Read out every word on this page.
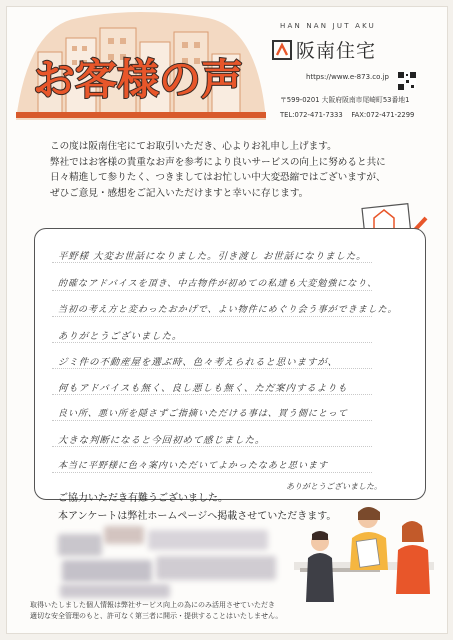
お客様の声
HAN NAN JUT AKU
阪南住宅
https://www.e-873.co.jp
〒599-0201 大阪府阪南市尾崎町53番地1
TEL:072-471-7333 FAX:072-471-2299

この度は阪南住宅にてお取引いただき、心よりお礼申し上げます。

弊社ではお客様の貴重なお声を参考により良いサービスの向上に努めると共に

日々精進して参りたく、つきましてはお忙しい中大変恐縮ではございますが、

ぜひご意見・感想をご記入いただけますと幸いに存じます。

平野様 大変お世話になりました。引き渡し お世話になりました。
的確なアドバイスを頂き、中古物件が初めての私達も大変勉強になり、
当初の考え方と変わったおかげで、よい物件にめぐり会う事ができました。
ありがとうございました。
ジミ件の不動産屋を選ぶ時、色々考えられると思いますが、
何もアドバイスも無く、良し悪しも無く、ただ案内するよりも
良い所、悪い所を隠さずご指摘いただける事は、買う側にとって
大きな判断になると今回初めて感じました。
本当に平野様に色々案内いただいてよかったなあと思います
ありがとうございました。
ご協力いただき有難うございました。
本アンケートは弊社ホームページへ掲載させていただきます。
取得いたしました個人情報は弊社サービス向上の為にのみ活用させていただき
適切な安全管理のもと、許可なく第三者に開示・提供することはいたしません。
